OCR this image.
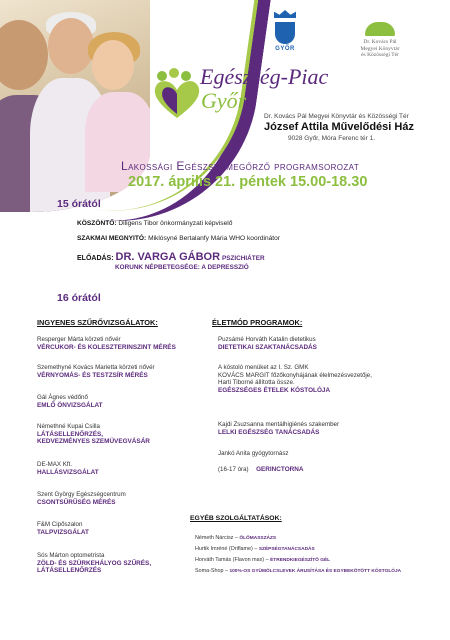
GYŐR
Dr. Kovács Pál
Megyei Könyvtár
és Közösségi Tér
Egészség-Piac
Győr
Dr. Kovács Pál Megyei Könyvtár és Közösségi Tér
József Attila Művelődési Ház
9028 Győr, Móra Ferenc tér 1.
Lakossági Egészségmegőrző programsorozat
2017. április 21. péntek 15.00-18.30
15 órától
KÖSZÖNTŐ: Diligens Tibor önkormányzati képviselő
SZAKMAI MEGNYITÓ: Miklósyné Bertalanfy Mária WHO koordinátor
ELŐADÁS: DR. VARGA GÁBOR PSZICHIÁTER
KORUNK NÉPBETEGSÉGE: A DEPRESSZIÓ
16 órától
INGYENES SZŰRŐVIZSGÁLATOK:	ÉLETMÓD PROGRAMOK:
Resperger Márta körzeti nővér
VÉRCUKOR- ÉS KOLESZTERINSZINT MÉRÉS
Szemethyné Kovács Marietta körzeti nővér
VÉRNYOMÁS- ÉS TESTZSÍR MÉRÉS
Gál Ágnes védőnő
EMLŐ ÖNVIZSGÁLAT
Némethné Kupai Csilla
LÁTÁSELLENŐRZÉS,
KEDVEZMÉNYES SZEMÜVEGVÁSÁR
DE-MAX Kft.
HALLÁSVIZSGÁLAT
Szent György Egészségcentrum
CSONTSŰRŰSÉG MÉRÉS
F&M Cipőszalon
TALPVIZSGÁLAT
Sós Márton optometrista
ZÖLD- ÉS SZÜRKEHÁLYOG SZŰRÉS,
LÁTÁSELLENŐRZÉS
Puzsámé Horváth Katalin dietetikus
DIETETIKAI SZAKTANÁCSADÁS
A kóstoló menüket az I. Sz. GMK
KOVÁCS MARGIT főzőkonyhájának élelmezésvezetője,
Harti Tiborné állította össze.
EGÉSZSÉGES ÉTELEK KÓSTOLÓJA
Kajdi Zsuzsanna mentálhigiénés szakember
LELKI EGÉSZSÉG TANÁCSADÁS
Jankó Anita gyógytornász
(16-17 óra) GERINCTORNA
EGYÉB SZOLGÁLTATÁSOK:
Németh Nárcisz – ŐLŐMASSZÁZS
Hurtik Imréné (Oriflame) – SZÉPSÉGTANÁCSADÁS
Horváth Tamás (Flavon max) – ÉTRENDKIEGÉSZÍTŐ GÉL
Soma-Shop – 100%-OS GYÜMÖLCSLEVEK ÁRUSÍTÁSA ÉS EGYBEKÖTÖTT KÓSTOLÓJA
